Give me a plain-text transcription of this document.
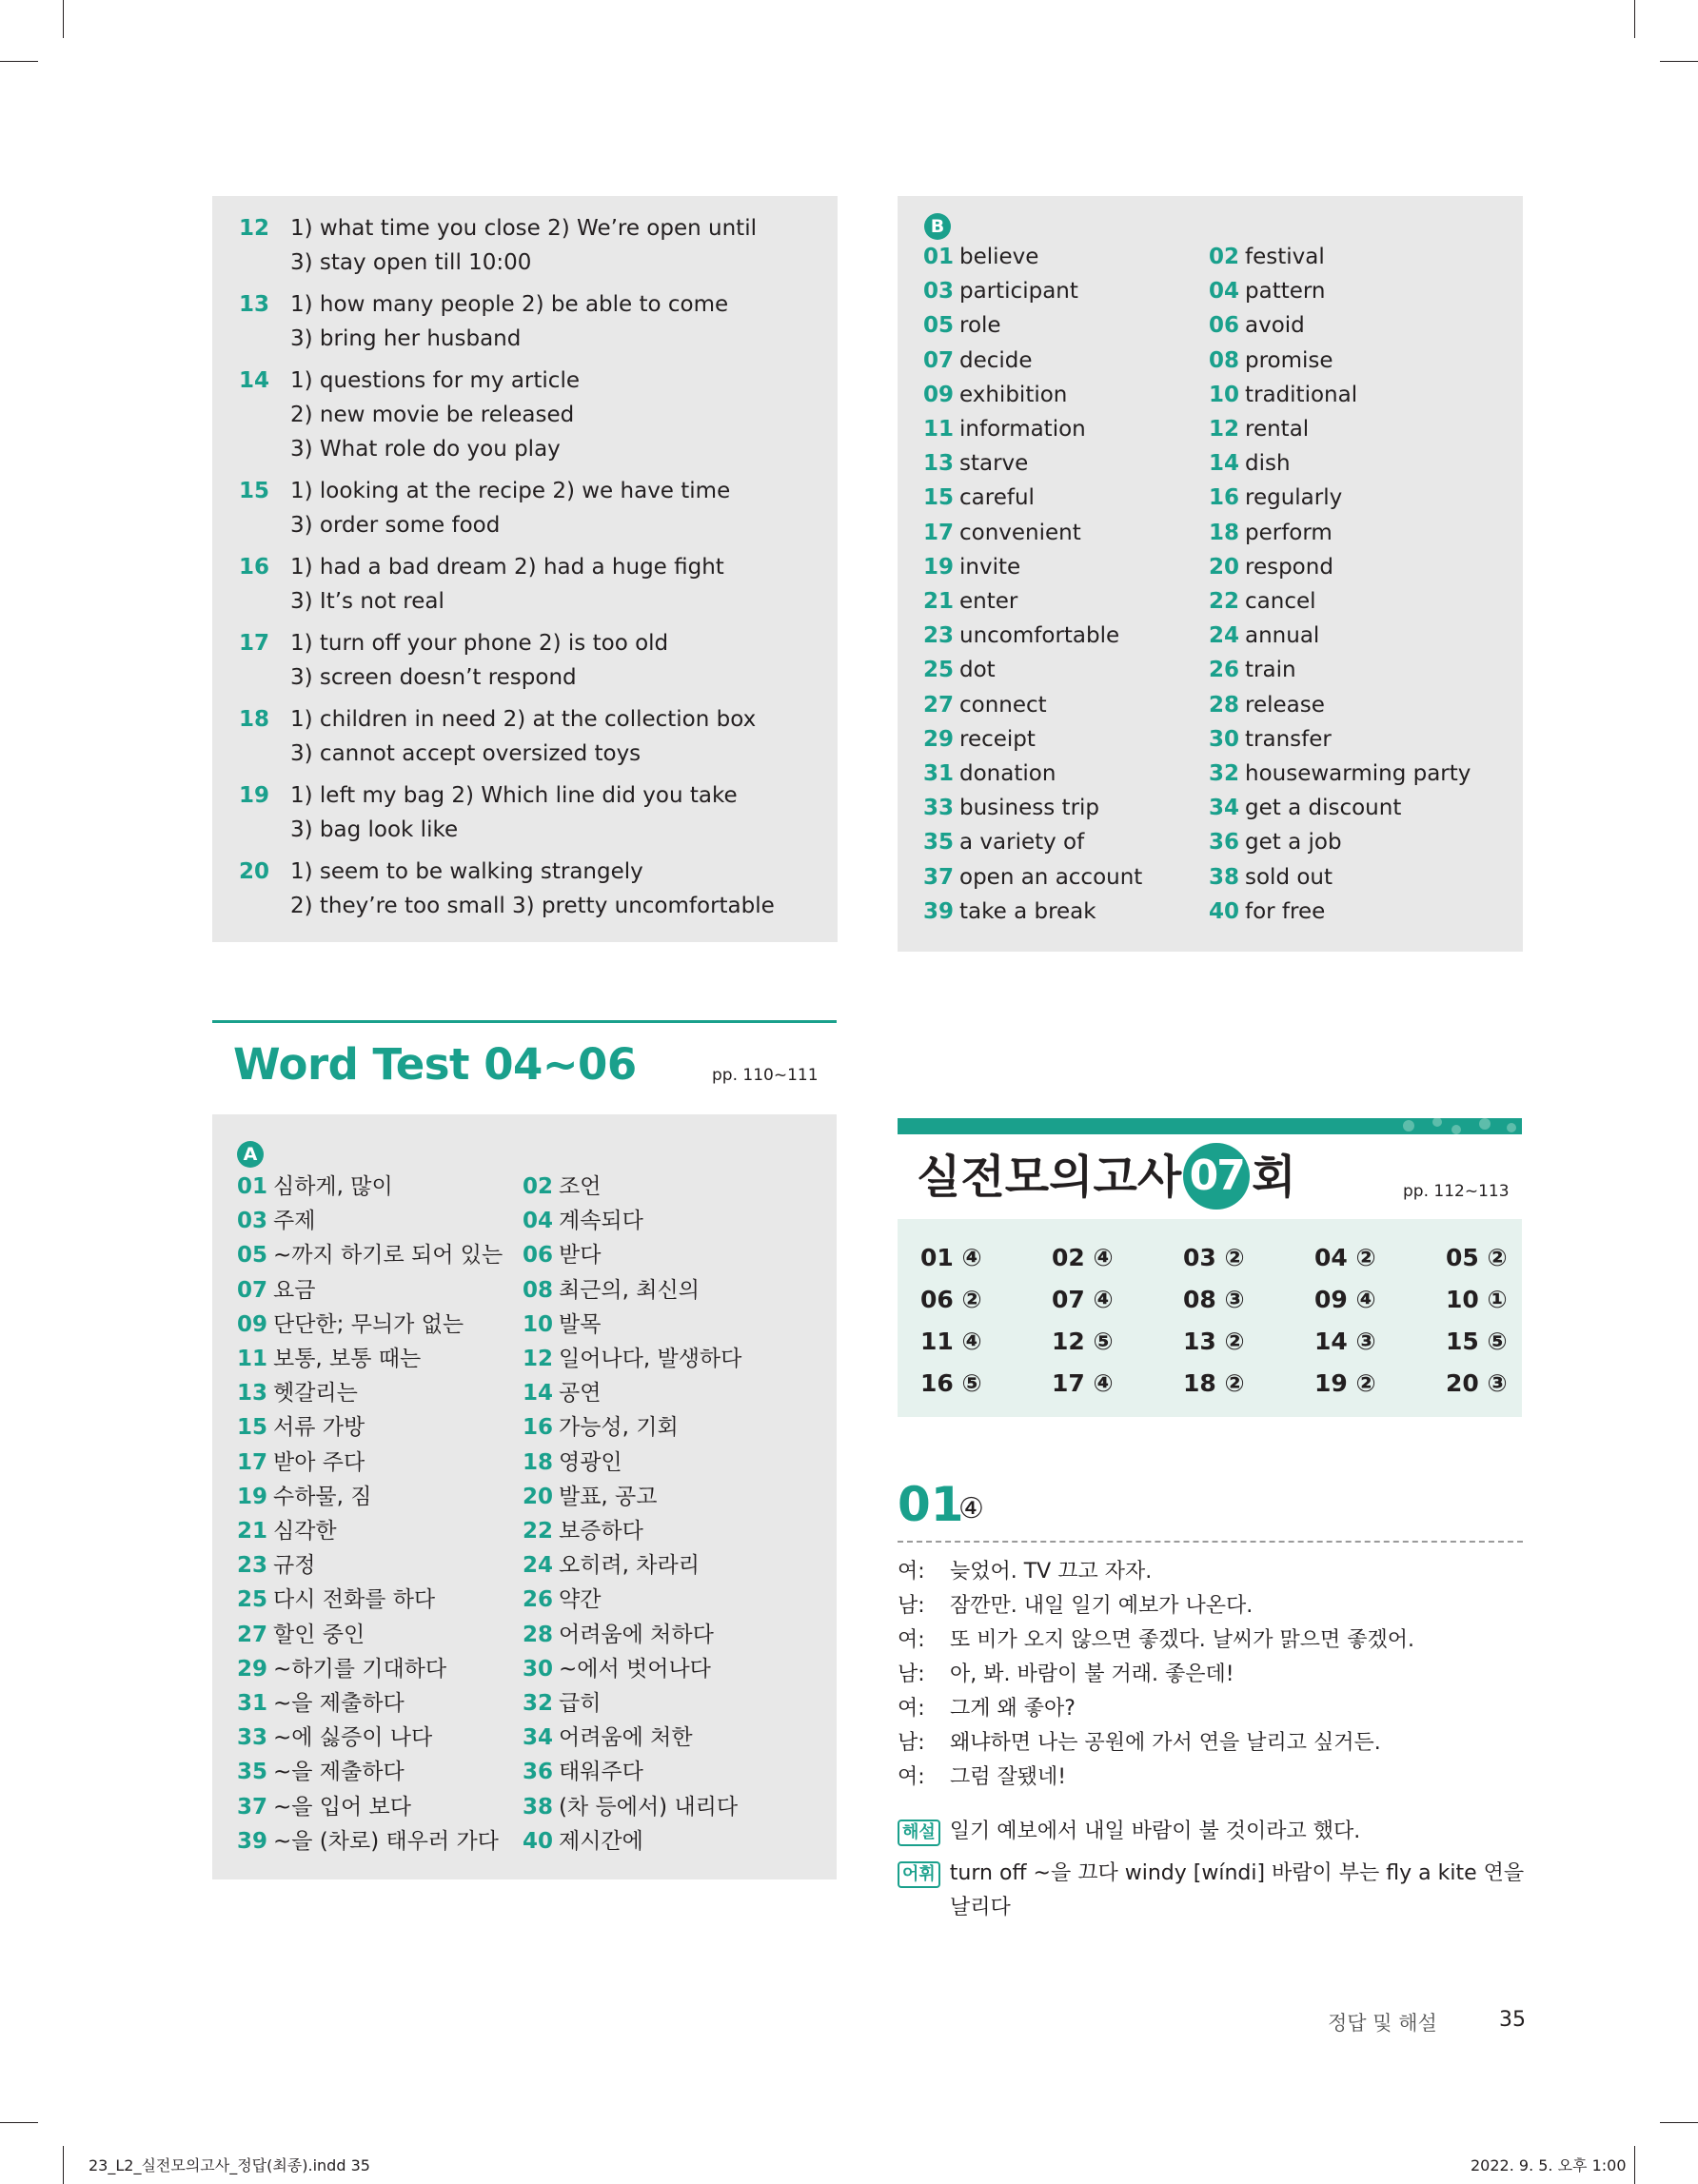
12 1) what time you close 2) We’re open until
3) stay open till 10:00
13 1) how many people 2) be able to come
3) bring her husband
14 1) questions for my article
2) new movie be released
3) What role do you play
15 1) looking at the recipe 2) we have time
3) order some food
16 1) had a bad dream 2) had a huge fight
3) It’s not real
17 1) turn off your phone 2) is too old
3) screen doesn’t respond
18 1) children in need 2) at the collection box
3) cannot accept oversized toys
19 1) left my bag 2) Which line did you take
3) bag look like
20 1) seem to be walking strangely
2) they’re too small 3) pretty uncomfortable
B
01 believe	02 festival
03 participant	04 pattern
05 role	06 avoid
07 decide	08 promise
09 exhibition	10 traditional
11 information	12 rental
13 starve	14 dish
15 careful	16 regularly
17 convenient	18 perform
19 invite	20 respond
21 enter	22 cancel
23 uncomfortable	24 annual
25 dot	26 train
27 connect	28 release
29 receipt	30 transfer
31 donation	32 housewarming party
33 business trip	34 get a discount
35 a variety of	36 get a job
37 open an account	38 sold out
39 take a break	40 for free
Word Test 04~06	pp. 110~111
A
01 심하게, 많이	02 조언
03 주제	04 계속되다
05 ~까지 하기로 되어 있는 06 받다
07 요금	08 최근의, 최신의
09 단단한; 무늬가 없는	10 발목
11 보통, 보통 때는	12 일어나다, 발생하다
13 헷갈리는	14 공연
15 서류 가방	16 가능성, 기회
17 받아 주다	18 영광인
19 수하물, 짐	20 발표, 공고
21 심각한	22 보증하다
23 규정	24 오히려, 차라리
25 다시 전화를 하다	26 약간
27 할인 중인	28 어려움에 처하다
29 ~하기를 기대하다	30 ~에서 벗어나다
31 ~을 제출하다	32 급히
33 ~에 싫증이 나다	34 어려움에 처한
35 ~을 제출하다	36 태워주다
37 ~을 입어 보다	38 (차 등에서) 내리다
39 ~을 (차로) 태우러 가다 40 제시간에
실전모의고사 07 회	pp. 112~113
01 ④	02 ④	03 ②	04 ②	05 ②
06 ②	07 ④	08 ③	09 ④	10 ①
11 ④	12 ⑤	13 ②	14 ③	15 ⑤
16 ⑤	17 ④	18 ②	19 ②	20 ③
01
④
여: 늦었어. TV 끄고 자자.
남: 잠깐만. 내일 일기 예보가 나온다.
여: 또 비가 오지 않으면 좋겠다. 날씨가 맑으면 좋겠어.
남: 아, 봐. 바람이 불 거래. 좋은데!
여: 그게 왜 좋아?
남: 왜냐하면 나는 공원에 가서 연을 날리고 싶거든.
여: 그럼 잘됐네!
해설 일기 예보에서 내일 바람이 불 것이라고 했다.
어휘 turn off ~을 끄다 windy [wíndi] 바람이 부는 fly a kite 연을
날리다
정답 및 해설	35
23_L2_실전모의고사_정답(최종).indd 35	2022. 9. 5. 오후 1:00
